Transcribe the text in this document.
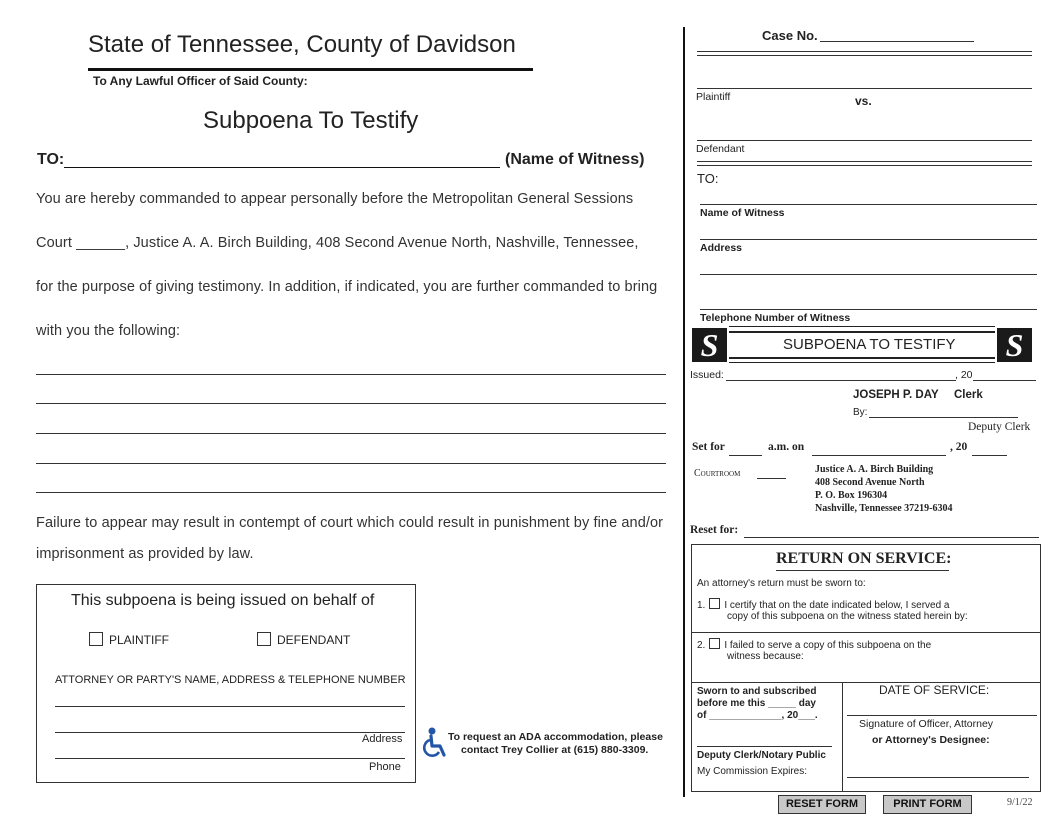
State of Tennessee, County of Davidson
To Any Lawful Officer of Said County:
Subpoena To Testify
TO:	(Name of Witness)
You are hereby commanded to appear personally before the Metropolitan General Sessions
Court ______, Justice A. A. Birch Building, 408 Second Avenue North, Nashville, Tennessee,
for the purpose of giving testimony. In addition, if indicated, you are further commanded to bring
with you the following:
Failure to appear may result in contempt of court which could result in punishment by fine and/or
imprisonment as provided by law.
This subpoena is being issued on behalf of
PLAINTIFF	DEFENDANT
ATTORNEY OR PARTY'S NAME, ADDRESS & TELEPHONE NUMBER
Address
Phone
To request an ADA accommodation, please
contact Trey Collier at (615) 880-3309.
Case No.
Plaintiff	vs.
Defendant
TO:
Name of Witness
Address
Telephone Number of Witness
S	S
SUBPOENA TO TESTIFY
Issued:	, 20
JOSEPH P. DAY Clerk
By:
Deputy Clerk
Set for	a.m. on	, 20
Courtroom	Justice A. A. Birch Building
408 Second Avenue North
P. O. Box 196304
Nashville, Tennessee 37219-6304
Reset for:
RETURN ON SERVICE:
An attorney's return must be sworn to:
1. I certify that on the date indicated below, I served a
copy of this subpoena on the witness stated herein by:
2. I failed to serve a copy of this subpoena on the
witness because:
Sworn to and subscribed
before me this _____ day
of _____________, 20___.
Deputy Clerk/Notary Public
My Commission Expires:
DATE OF SERVICE:
Signature of Officer, Attorney
or Attorney's Designee:
RESET FORM	PRINT FORM	9/1/22
